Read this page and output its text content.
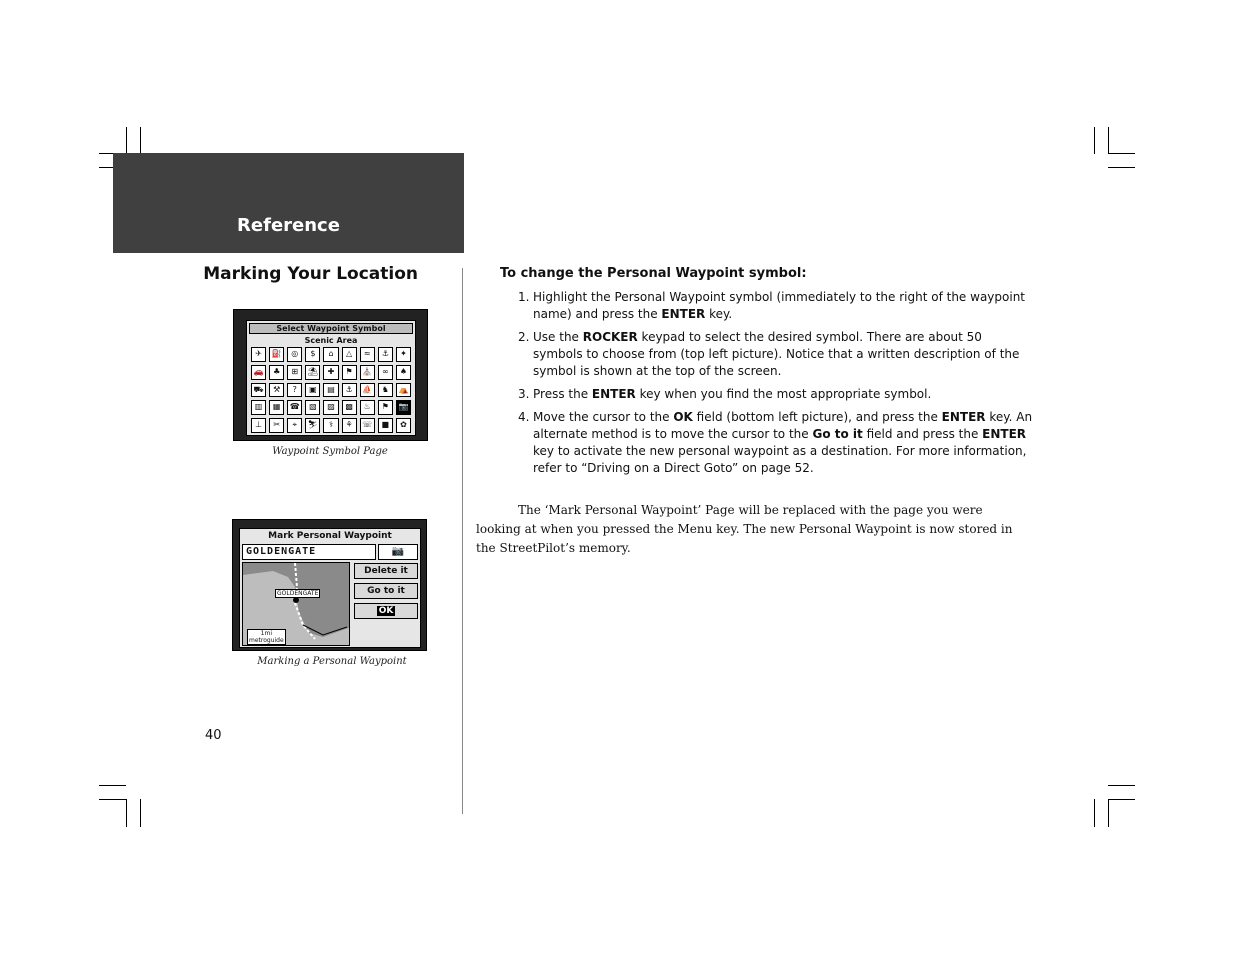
Reference
Marking Your Location
Select Waypoint Symbol
Scenic Area
✈	⛽	◎	$	⌂	△	≈	⚓	✦
🚗	♣	⊞	⛱	✚	⚑	⛪	∞	♠
⛟	⚒	?	▣	▤	⚓	⛵	♞	⛺
▥	▦	☎	▧	▨	▩	♨	⚑	📷
⊥	✂	⌖	⛷	⚕	⚘	☏	■	✿
Waypoint Symbol Page
Mark Personal Waypoint
GOLDENGATE	📷
GOLDENGATE
1mi
metroguide
Delete it
Go to it
OK
Marking a Personal Waypoint
To change the Personal Waypoint symbol:
1. Highlight the Personal Waypoint symbol (immediately to the right of the waypoint name) and press the ENTER key.
2. Use the ROCKER keypad to select the desired symbol. There are about 50 symbols to choose from (top left picture). Notice that a written description of the symbol is shown at the top of the screen.
3. Press the ENTER key when you find the most appropriate symbol.
4. Move the cursor to the OK field (bottom left picture), and press the ENTER key. An alternate method is to move the cursor to the Go to it field and press the ENTER key to activate the new personal waypoint as a destination. For more information, refer to “Driving on a Direct Goto” on page 52.
The ‘Mark Personal Waypoint’ Page will be replaced with the page you were looking at when you pressed the Menu key. The new Personal Waypoint is now stored in the StreetPilot’s memory.
40
